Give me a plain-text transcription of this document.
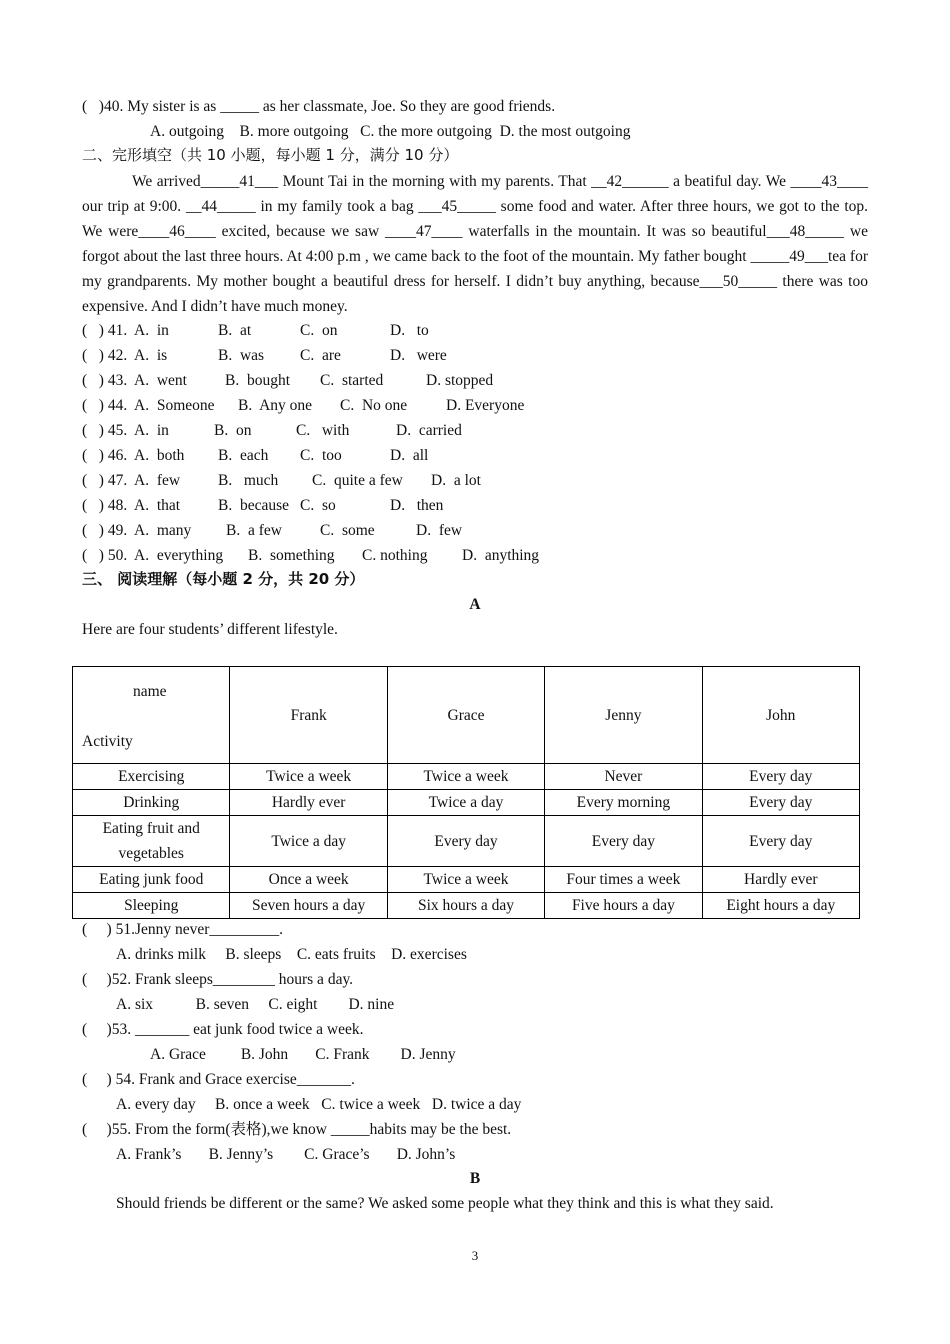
(   )40. My sister is as _____ as her classmate, Joe. So they are good friends.
A. outgoing    B. more outgoing   C. the more outgoing  D. the most outgoing
二、完形填空（共 10 小题，每小题 1 分，满分 10 分）
We arrived_____41___ Mount Tai in the morning with my parents. That __42______ a beatiful day. We ____43____ our trip at 9:00. __44_____ in my family took a bag ___45_____ some food and water. After three hours, we got to the top. We were____46____ excited, because we saw ____47____ waterfalls in the mountain. It was so beautiful___48_____ we forgot about the last three hours. At 4:00 p.m , we came back to the foot of the mountain. My father bought _____49___tea for my grandparents. My mother bought a beautiful dress for herself. I didn’t buy anything, because___50_____ there was too expensive. And I didn’t have much money.
(   ) 41. A.  in	B.  at	C.  on	D.   to
(   ) 42. A.  is	B.  was C.  are	D.   were
(   ) 43. A.  went B.  bought C.  started	D. stopped
(   ) 44. A.  Someone B.  Any one C.  No one	D. Everyone
(   ) 45. A.  in	B.  on	C.   with	D.  carried
(   ) 46. A.  both B.  each C.  too	D.  all
(   ) 47. A.  few B.   much C.  quite a few D.  a lot
(   ) 48. A.  that B.  because C.  so	D.   then
(   ) 49. A.  many B.  a few C.  some	D.  few
(   ) 50. A.  everything B.  something C. nothing D.  anything
三、 阅读理解（每小题 2 分，共 20 分）
A
Here are four students’ different lifestyle.
name
Activity	Frank	Grace	Jenny	John
Exercising	Twice a week	Twice a week	Never	Every day
Drinking	Hardly ever	Twice a day	Every morning	Every day

Eating fruit and
vegetables	Twice a day	Every day	Every day	Every day
Eating junk food	Once a week	Twice a week	Four times a week	Hardly ever
Sleeping	Seven hours a day	Six hours a day	Five hours a day	Eight hours a day
(     ) 51.Jenny never_________.
A. drinks milk     B. sleeps    C. eats fruits    D. exercises
(     )52. Frank sleeps________ hours a day.
A. six           B. seven     C. eight        D. nine
(     )53. _______ eat junk food twice a week.
A. Grace         B. John       C. Frank        D. Jenny
(     ) 54. Frank and Grace exercise_______.
A. every day     B. once a week   C. twice a week   D. twice a day
(     )55. From the form(表格),we know _____habits may be the best.
A. Frank’s       B. Jenny’s        C. Grace’s       D. John’s
B
Should friends be different or the same? We asked some people what they think and this is what they said.
3
